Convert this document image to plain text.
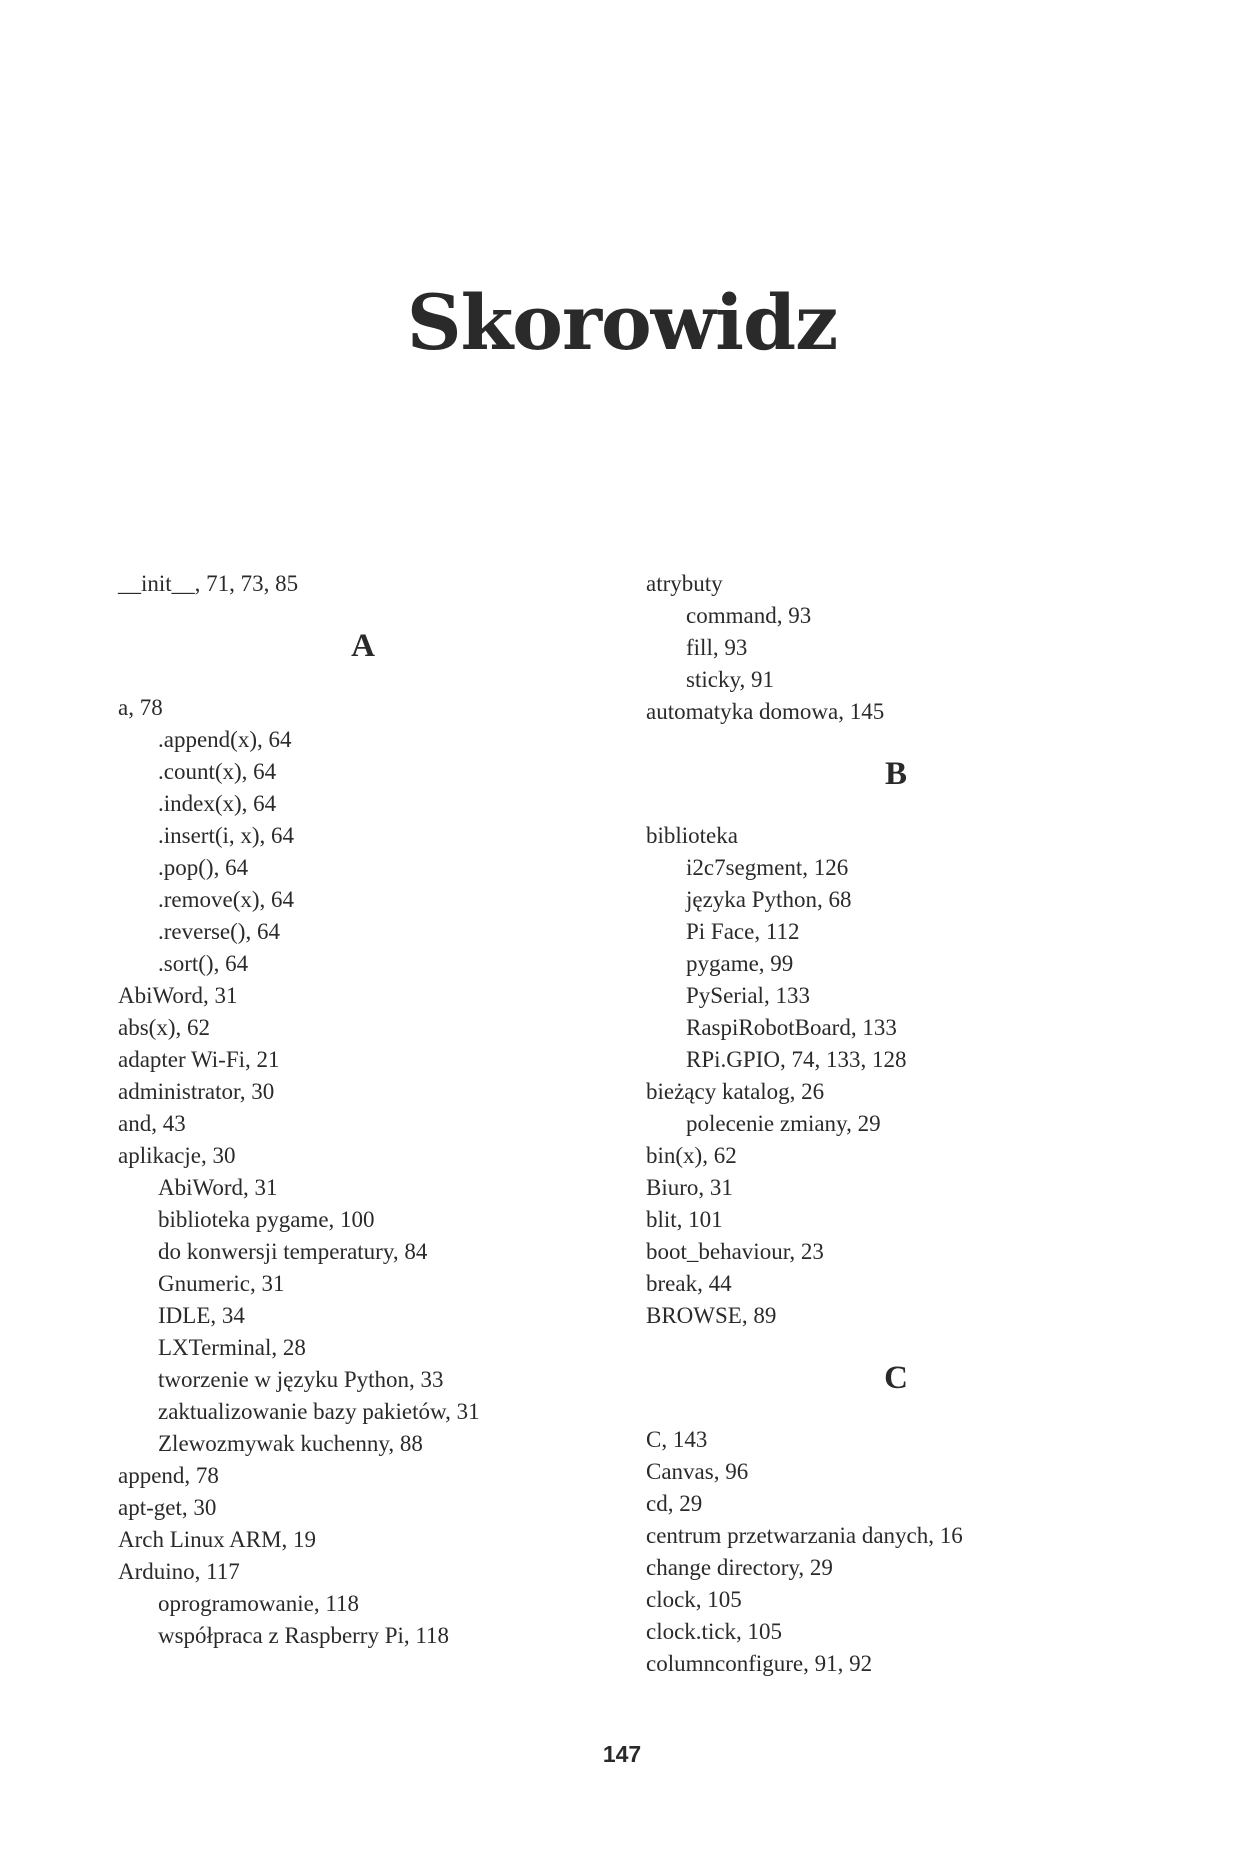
Skorowidz
__init__, 71, 73, 85
A
a, 78
.append(x), 64
.count(x), 64
.index(x), 64
.insert(i, x), 64
.pop(), 64
.remove(x), 64
.reverse(), 64
.sort(), 64
AbiWord, 31
abs(x), 62
adapter Wi-Fi, 21
administrator, 30
and, 43
aplikacje, 30
AbiWord, 31
biblioteka pygame, 100
do konwersji temperatury, 84
Gnumeric, 31
IDLE, 34
LXTerminal, 28
tworzenie w języku Python, 33
zaktualizowanie bazy pakietów, 31
Zlewozmywak kuchenny, 88
append, 78
apt-get, 30
Arch Linux ARM, 19
Arduino, 117
oprogramowanie, 118
współpraca z Raspberry Pi, 118
atrybuty
command, 93
fill, 93
sticky, 91
automatyka domowa, 145
B
biblioteka
i2c7segment, 126
języka Python, 68
Pi Face, 112
pygame, 99
PySerial, 133
RaspiRobotBoard, 133
RPi.GPIO, 74, 133, 128
bieżący katalog, 26
polecenie zmiany, 29
bin(x), 62
Biuro, 31
blit, 101
boot_behaviour, 23
break, 44
BROWSE, 89
C
C, 143
Canvas, 96
cd, 29
centrum przetwarzania danych, 16
change directory, 29
clock, 105
clock.tick, 105
columnconfigure, 91, 92
147
